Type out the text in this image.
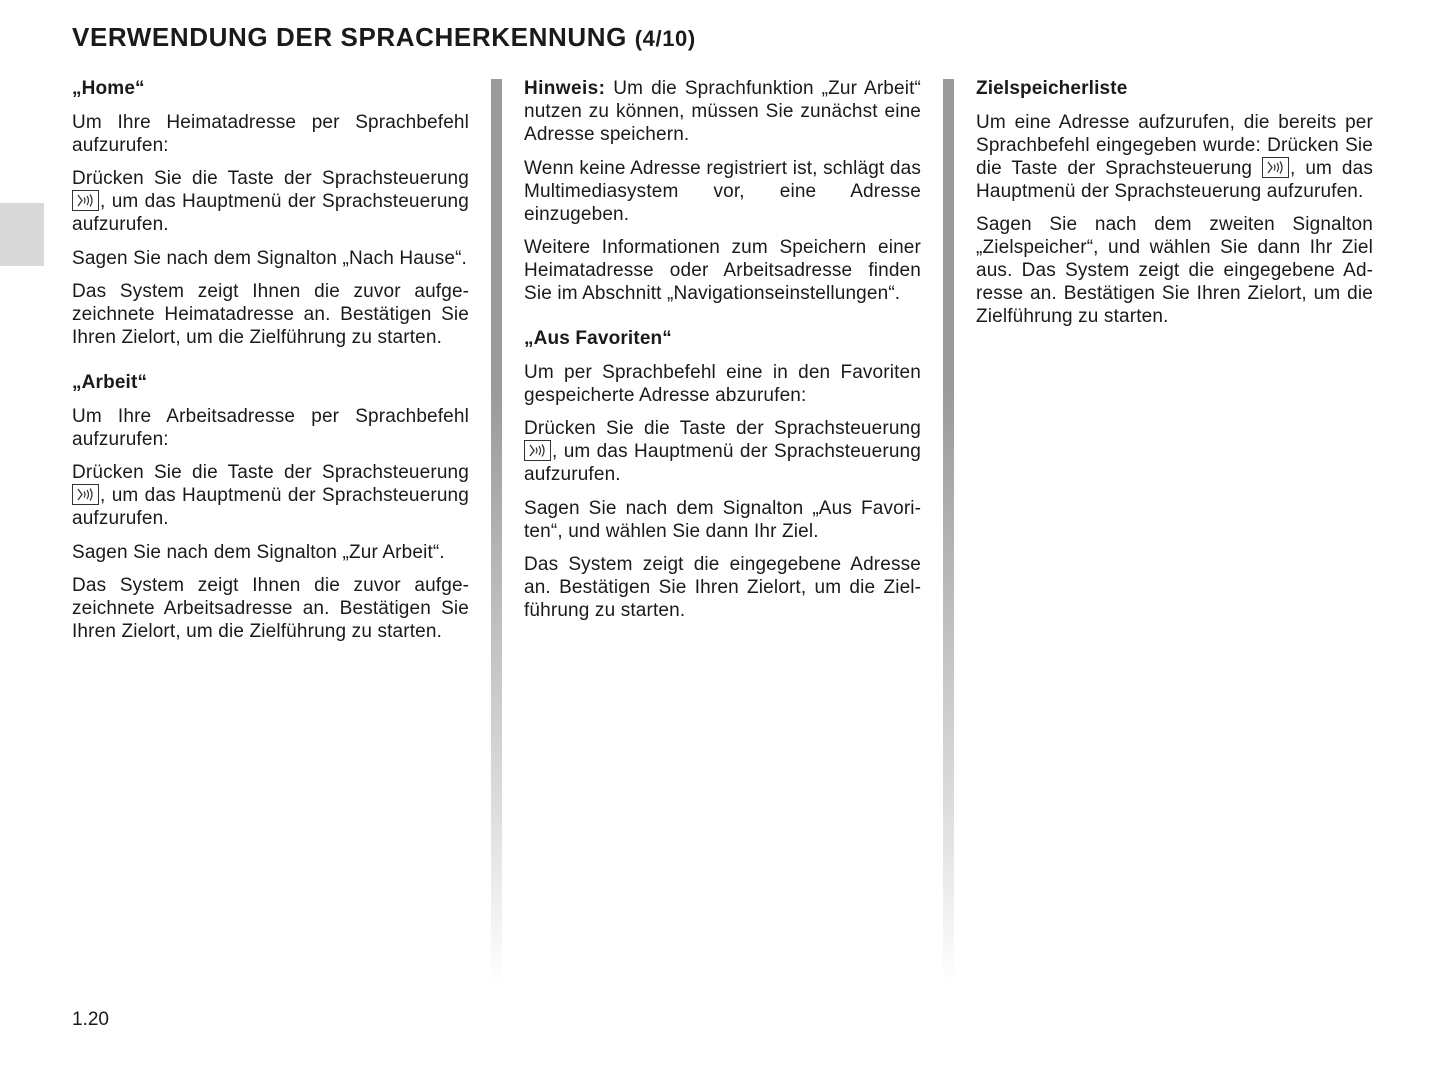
VERWENDUNG DER SPRACHERKENNUNG (4/10)
„Home“

Um Ihre Heimatadresse per Sprachbefehl aufzurufen:

Drücken Sie die Taste der Sprachsteuerung
, um das Hauptmenü der Sprachsteuerung aufzurufen.

Sagen Sie nach dem Signalton „Nach Hause“.

Das System zeigt Ihnen die zuvor aufgezeichnete Heimatadresse an. Bestätigen Sie Ihren Zielort, um die Zielführung zu starten.

„Arbeit“

Um Ihre Arbeitsadresse per Sprachbefehl aufzurufen:

Drücken Sie die Taste der Sprachsteuerung
, um das Hauptmenü der Sprachsteuerung aufzurufen.

Sagen Sie nach dem Signalton „Zur Arbeit“.

Das System zeigt Ihnen die zuvor aufgezeichnete Arbeitsadresse an. Bestätigen Sie Ihren Zielort, um die Zielführung zu starten.

Hinweis: Um die Sprachfunktion „Zur Arbeit“ nutzen zu können, müssen Sie zunächst eine Adresse speichern.

Wenn keine Adresse registriert ist, schlägt das Multimediasystem vor, eine Adresse einzugeben.

Weitere Informationen zum Speichern einer Heimatadresse oder Arbeitsadresse finden Sie im Abschnitt „Navigationseinstellungen“.

„Aus Favoriten“

Um per Sprachbefehl eine in den Favoriten gespeicherte Adresse abzurufen:

Drücken Sie die Taste der Sprachsteuerung
, um das Hauptmenü der Sprachsteuerung aufzurufen.

Sagen Sie nach dem Signalton „Aus Favoriten“, und wählen Sie dann Ihr Ziel.

Das System zeigt die eingegebene Adresse an. Bestätigen Sie Ihren Zielort, um die Zielführung zu starten.

Zielspeicherliste

Um eine Adresse aufzurufen, die bereits per Sprachbefehl eingegeben wurde: Drücken Sie die Taste der Sprachsteuerung , um das Hauptmenü der Sprachsteuerung aufzurufen.

Sagen Sie nach dem zweiten Signalton „Zielspeicher“, und wählen Sie dann Ihr Ziel aus. Das System zeigt die eingegebene Adresse an. Bestätigen Sie Ihren Zielort, um die Zielführung zu starten.

1.20
